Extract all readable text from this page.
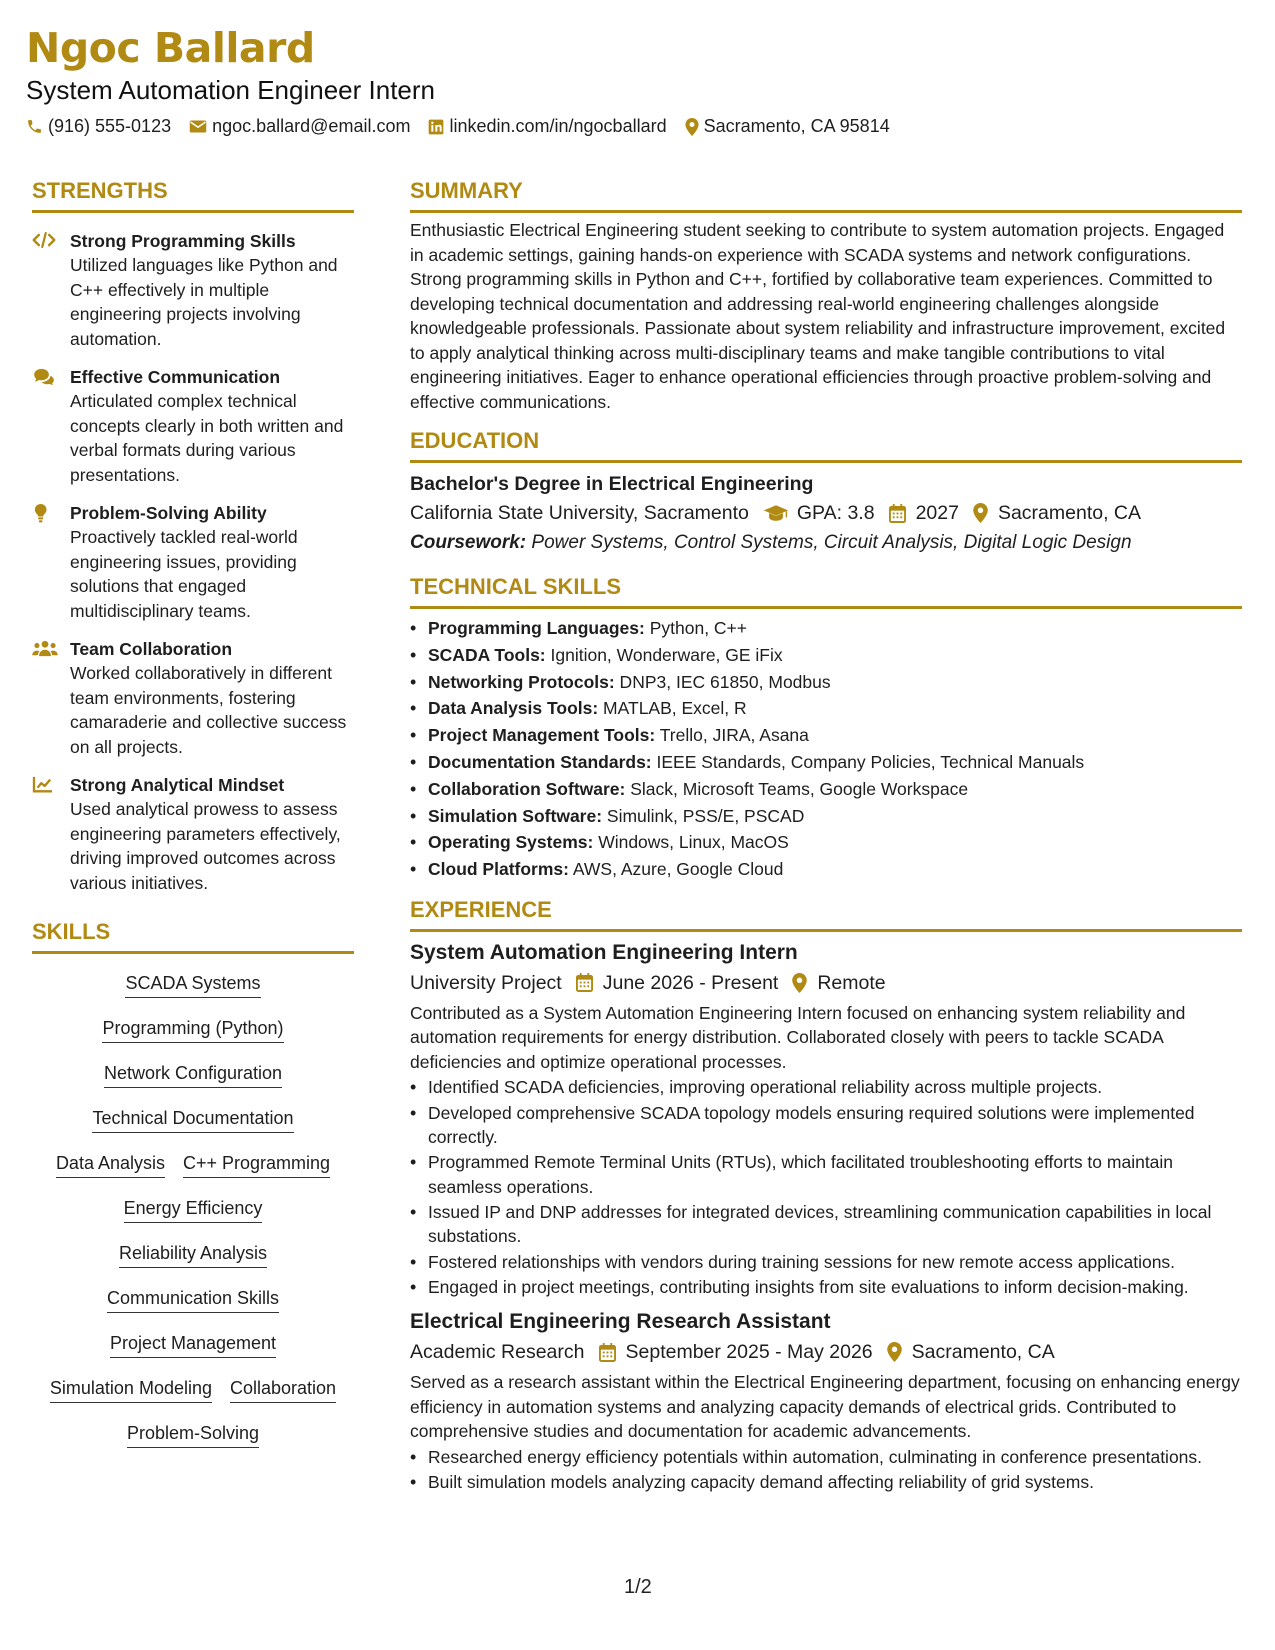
Ngoc Ballard
System Automation Engineer Intern
(916) 555-0123 ngoc.ballard@email.com linkedin.com/in/ngocballard Sacramento, CA 95814
STRENGTHS
Strong Programming Skills
Utilized languages like Python and C++ effectively in multiple engineering projects involving automation.
Effective Communication
Articulated complex technical concepts clearly in both written and verbal formats during various presentations.
Problem-Solving Ability
Proactively tackled real-world engineering issues, providing solutions that engaged multidisciplinary teams.
Team Collaboration
Worked collaboratively in different team environments, fostering camaraderie and collective success on all projects.
Strong Analytical Mindset
Used analytical prowess to assess engineering parameters effectively, driving improved outcomes across various initiatives.
SKILLS
SCADA Systems
Programming (Python)
Network Configuration
Technical Documentation
Data Analysis C++ Programming
Energy Efficiency
Reliability Analysis
Communication Skills
Project Management
Simulation Modeling Collaboration
Problem-Solving
SUMMARY
Enthusiastic Electrical Engineering student seeking to contribute to system automation projects. Engaged in academic settings, gaining hands-on experience with SCADA systems and network configurations. Strong programming skills in Python and C++, fortified by collaborative team experiences. Committed to developing technical documentation and addressing real-world engineering challenges alongside knowledgeable professionals. Passionate about system reliability and infrastructure improvement, excited to apply analytical thinking across multi-disciplinary teams and make tangible contributions to vital engineering initiatives. Eager to enhance operational efficiencies through proactive problem-solving and effective communications.
EDUCATION
Bachelor's Degree in Electrical Engineering
California State University, Sacramento GPA: 3.8 2027 Sacramento, CA
Coursework: Power Systems, Control Systems, Circuit Analysis, Digital Logic Design
TECHNICAL SKILLS
• Programming Languages: Python, C++
• SCADA Tools: Ignition, Wonderware, GE iFix
• Networking Protocols: DNP3, IEC 61850, Modbus
• Data Analysis Tools: MATLAB, Excel, R
• Project Management Tools: Trello, JIRA, Asana
• Documentation Standards: IEEE Standards, Company Policies, Technical Manuals
• Collaboration Software: Slack, Microsoft Teams, Google Workspace
• Simulation Software: Simulink, PSS/E, PSCAD
• Operating Systems: Windows, Linux, MacOS
• Cloud Platforms: AWS, Azure, Google Cloud
EXPERIENCE
System Automation Engineering Intern
University Project June 2026 - Present Remote
Contributed as a System Automation Engineering Intern focused on enhancing system reliability and automation requirements for energy distribution. Collaborated closely with peers to tackle SCADA deficiencies and optimize operational processes.
• Identified SCADA deficiencies, improving operational reliability across multiple projects.
• Developed comprehensive SCADA topology models ensuring required solutions were implemented correctly.
• Programmed Remote Terminal Units (RTUs), which facilitated troubleshooting efforts to maintain seamless operations.
• Issued IP and DNP addresses for integrated devices, streamlining communication capabilities in local substations.
• Fostered relationships with vendors during training sessions for new remote access applications.
• Engaged in project meetings, contributing insights from site evaluations to inform decision-making.
Electrical Engineering Research Assistant
Academic Research September 2025 - May 2026 Sacramento, CA
Served as a research assistant within the Electrical Engineering department, focusing on enhancing energy efficiency in automation systems and analyzing capacity demands of electrical grids. Contributed to comprehensive studies and documentation for academic advancements.
• Researched energy efficiency potentials within automation, culminating in conference presentations.
• Built simulation models analyzing capacity demand affecting reliability of grid systems.
1/2
